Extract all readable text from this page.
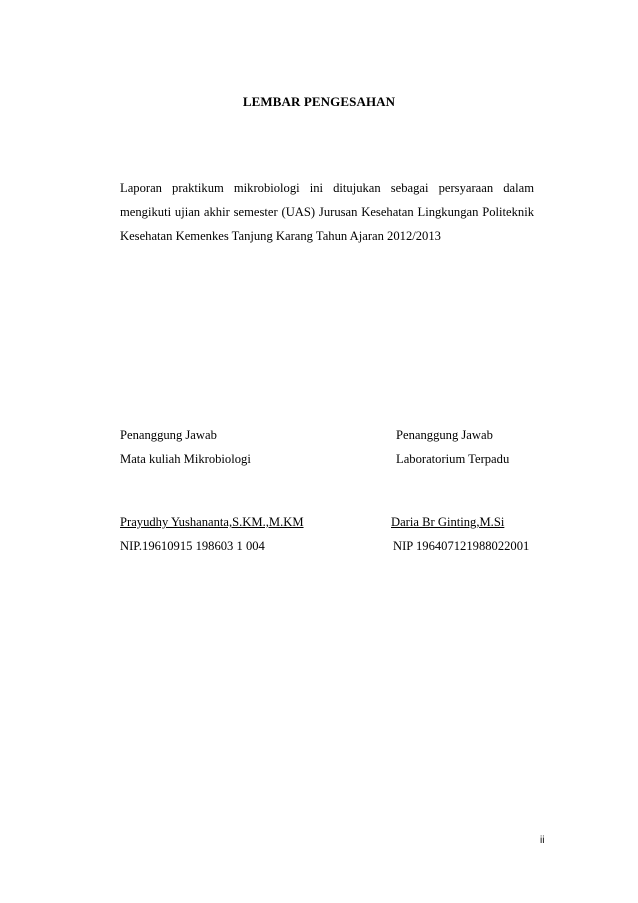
LEMBAR PENGESAHAN
Laporan praktikum mikrobiologi ini ditujukan sebagai persyaraan dalam mengikuti ujian akhir semester (UAS) Jurusan Kesehatan Lingkungan Politeknik Kesehatan Kemenkes Tanjung Karang Tahun Ajaran 2012/2013
Penanggung Jawab
Mata kuliah Mikrobiologi
Prayudhy Yushananta,S.KM.,M.KM
NIP.19610915 198603 1 004
Penanggung Jawab
Laboratorium Terpadu
Daria Br Ginting,M.Si
NIP 196407121988022001
ii
